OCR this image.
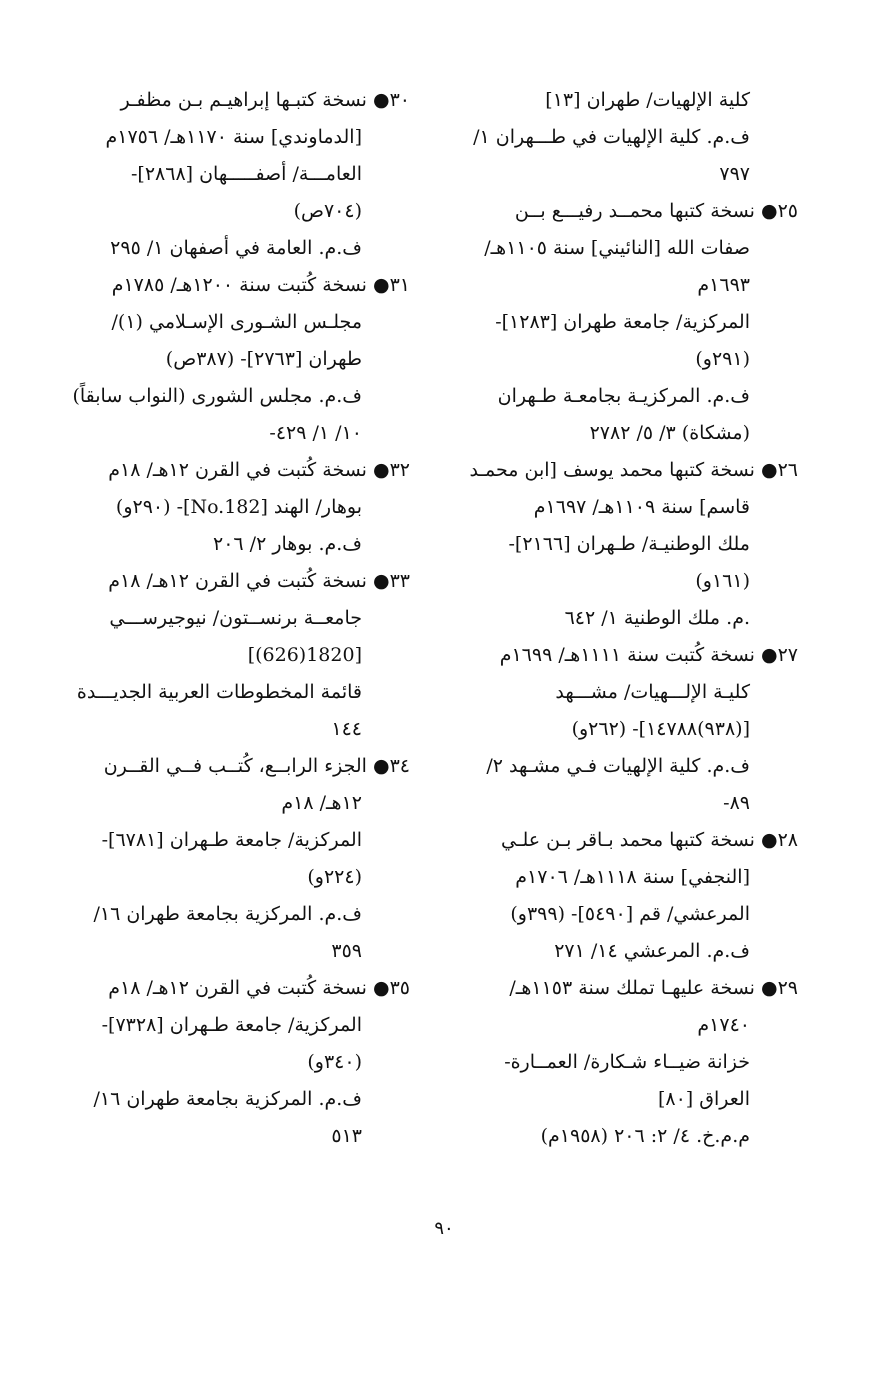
كلية الإلهيات/ طهران [١٣]
ف.م. كلية الإلهيات في طـــهران ١/
٧٩٧
٢٥● نسخة كتبها محمــد رفيـــع بــن
صفات الله [النائيني] سنة ١١٠٥هـ/
١٦٩٣م
المركزية/ جامعة طهران [١٢٨٣]-
(٢٩١و)
ف.م. المركزيـة بجامعـة طـهران
(مشكاة) ٣/ ٥/ ٢٧٨٢
٢٦● نسخة كتبها محمد يوسف [ابن محمـد
قاسم] سنة ١١٠٩هـ/ ١٦٩٧م
ملك الوطنيـة/ طـهران [٢١٦٦]-
(١٦١و)
.م. ملك الوطنية ١/ ٦٤٢
٢٧● نسخة كُتبت سنة ١١١١هـ/ ١٦٩٩م
كليـة الإلـــهيات/ مشـــهد
[(٩٣٨)١٤٧٨٨]- (٢٦٢و)
ف.م. كلية الإلهيات فـي مشـهد ٢/
٨٩-
٢٨● نسخة كتبها محمد بـاقر بـن علـي
[النجفي] سنة ١١١٨هـ/ ١٧٠٦م
المرعشي/ قم [٥٤٩٠]- (٣٩٩و)
ف.م. المرعشي ١٤/ ٢٧١
٢٩● نسخة عليهـا تملك سنة ١١٥٣هـ/
١٧٤٠م
خزانة ضيــاء شـكارة/ العمــارة-
العراق [٨٠]
م.م.خ. ٤/ ٢: ٢٠٦ (١٩٥٨م)
٣٠● نسخة كتبـها إبراهيـم بـن مظفـر
[الدماوندي] سنة ١١٧٠هـ/ ١٧٥٦م
العامـــة/ أصفـــــهان [٢٨٦٨]-
(٧٠٤ص)
ف.م. العامة في أصفهان ١/ ٢٩٥
٣١● نسخة كُتبت سنة ١٢٠٠هـ/ ١٧٨٥م
مجلـس الشـورى الإسـلامي (١)/
طهران [٢٧٦٣]- (٣٨٧ص)
ف.م. مجلس الشورى (النواب سابقاً)
١٠/ ١/ ٤٢٩-
٣٢● نسخة كُتبت في القرن ١٢هـ/ ١٨م
بوهار/ الهند [No.182]- (٢٩٠و)
ف.م. بوهار ٢/ ٢٠٦
٣٣● نسخة كُتبت في القرن ١٢هـ/ ١٨م
جامعــة برنســتون/ نيوجيرســـي
[1820(626)]
قائمة المخطوطات العربية الجديـــدة
١٤٤
٣٤● الجزء الرابــع، كُتــب فــي القــرن
١٢هـ/ ١٨م
المركزية/ جامعة طـهران [٦٧٨١]-
(٢٢٤و)
ف.م. المركزية بجامعة طهران ١٦/
٣٥٩
٣٥● نسخة كُتبت في القرن ١٢هـ/ ١٨م
المركزية/ جامعة طـهران [٧٣٢٨]-
(٣٤٠و)
ف.م. المركزية بجامعة طهران ١٦/
٥١٣
٩٠
